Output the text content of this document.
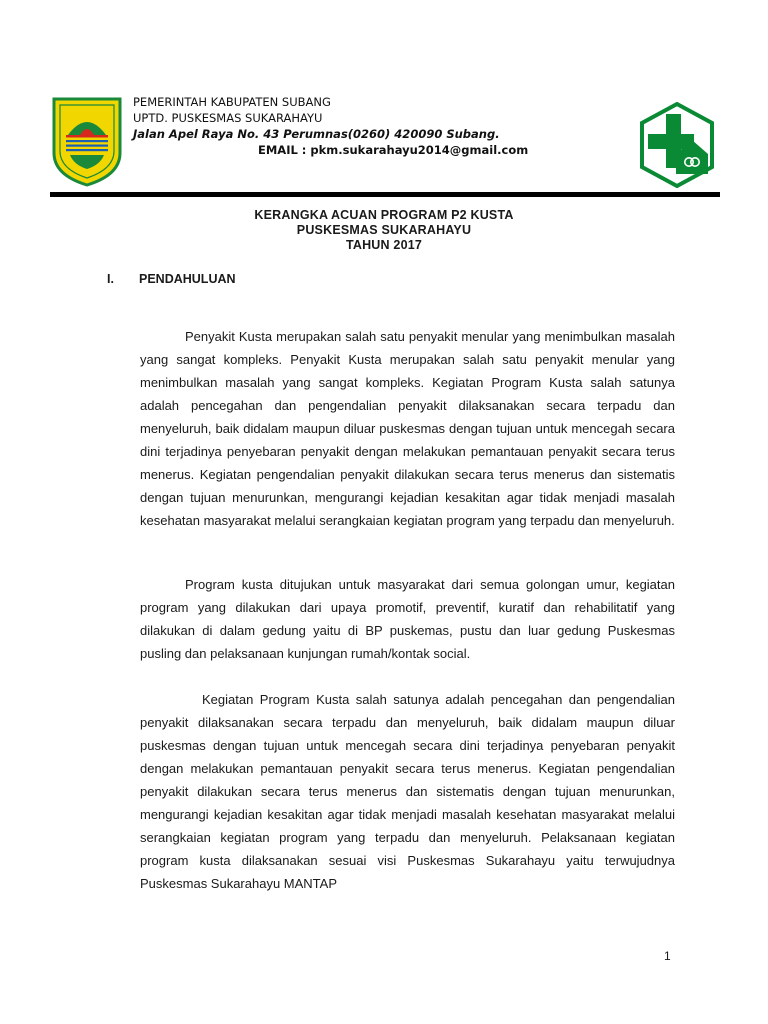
PEMERINTAH KABUPATEN SUBANG
UPTD. PUSKESMAS SUKARAHAYU
Jalan Apel Raya No. 43 Perumnas(0260) 420090 Subang.
EMAIL : pkm.sukarahayu2014@gmail.com
KERANGKA ACUAN PROGRAM P2 KUSTA
PUSKESMAS SUKARAHAYU
TAHUN 2017
I. PENDAHULUAN

Penyakit Kusta merupakan salah satu penyakit menular yang menimbulkan masalah yang sangat kompleks. Penyakit Kusta merupakan salah satu penyakit menular yang menimbulkan masalah yang sangat kompleks. Kegiatan Program Kusta salah satunya adalah pencegahan dan pengendalian penyakit dilaksanakan secara terpadu dan menyeluruh, baik didalam maupun diluar puskesmas dengan tujuan untuk mencegah secara dini terjadinya penyebaran penyakit dengan melakukan pemantauan penyakit secara terus menerus. Kegiatan pengendalian penyakit dilakukan secara terus menerus dan sistematis dengan tujuan menurunkan, mengurangi kejadian kesakitan agar tidak menjadi masalah kesehatan masyarakat melalui serangkaian kegiatan program yang terpadu dan menyeluruh.

Program kusta ditujukan untuk masyarakat dari semua golongan umur, kegiatan program yang dilakukan dari upaya promotif, preventif, kuratif dan rehabilitatif yang dilakukan di dalam gedung yaitu di BP puskemas, pustu dan luar gedung Puskesmas pusling dan pelaksanaan kunjungan rumah/kontak social.

Kegiatan Program Kusta salah satunya adalah pencegahan dan pengendalian penyakit dilaksanakan secara terpadu dan menyeluruh, baik didalam maupun diluar puskesmas dengan tujuan untuk mencegah secara dini terjadinya penyebaran penyakit dengan melakukan pemantauan penyakit secara terus menerus. Kegiatan pengendalian penyakit dilakukan secara terus menerus dan sistematis dengan tujuan menurunkan, mengurangi kejadian kesakitan agar tidak menjadi masalah kesehatan masyarakat melalui serangkaian kegiatan program yang terpadu dan menyeluruh. Pelaksanaan kegiatan program kusta dilaksanakan sesuai visi Puskesmas Sukarahayu yaitu terwujudnya Puskesmas Sukarahayu MANTAP

1
